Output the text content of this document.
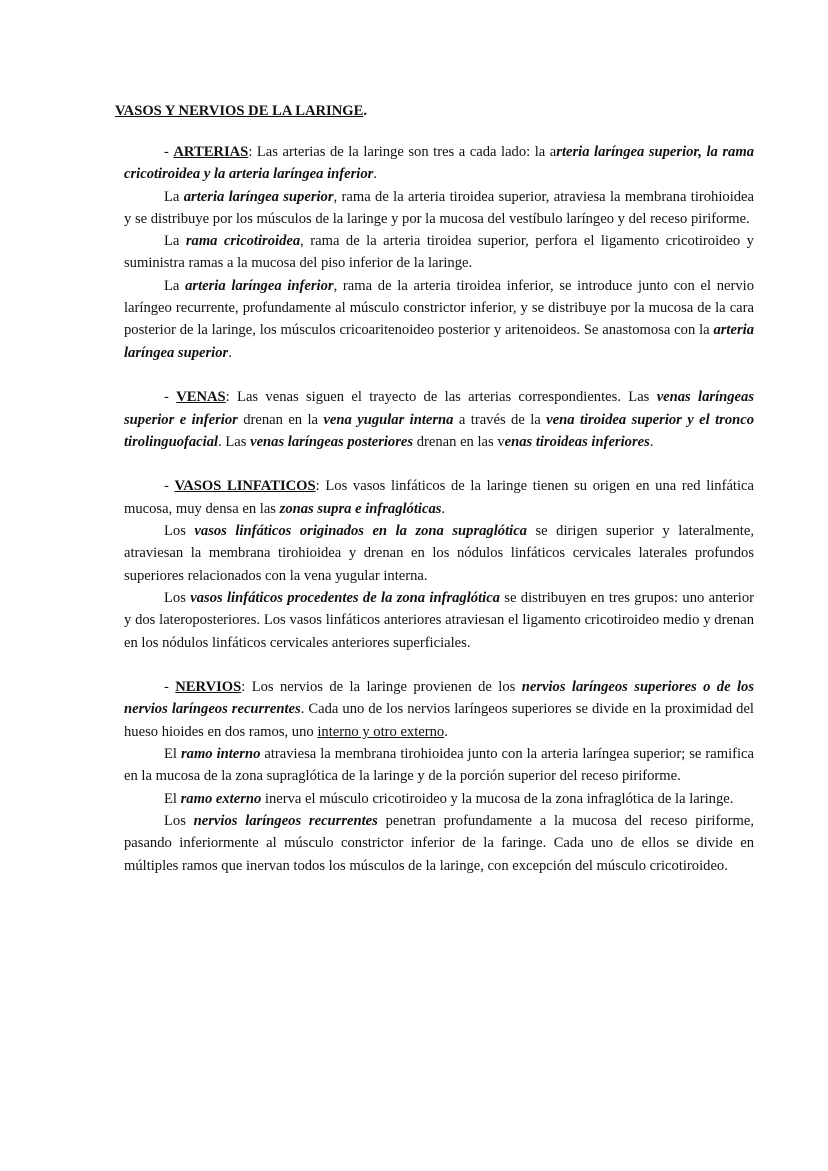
VASOS Y NERVIOS DE LA LARINGE.

- ARTERIAS: Las arterias de la laringe son tres a cada lado: la arteria laríngea superior, la rama cricotiroidea y la arteria laríngea inferior.

La arteria laríngea superior, rama de la arteria tiroidea superior, atraviesa la membrana tirohioidea y se distribuye por los músculos de la laringe y por la mucosa del vestíbulo laríngeo y del receso piriforme.

La rama cricotiroidea, rama de la arteria tiroidea superior, perfora el ligamento cricotiroideo y suministra ramas a la mucosa del piso inferior de la laringe.

La arteria laríngea inferior, rama de la arteria tiroidea inferior, se introduce junto con el nervio laríngeo recurrente, profundamente al músculo constrictor inferior, y se distribuye por la mucosa de la cara posterior de la laringe, los músculos cricoaritenoideo posterior y aritenoideos. Se anastomosa con la arteria laríngea superior.

- VENAS: Las venas siguen el trayecto de las arterias correspondientes. Las venas laríngeas superior e inferior drenan en la vena yugular interna a través de la vena tiroidea superior y el tronco tirolinguofacial. Las venas laríngeas posteriores drenan en las venas tiroideas inferiores.

- VASOS LINFATICOS: Los vasos linfáticos de la laringe tienen su origen en una red linfática mucosa, muy densa en las zonas supra e infraglóticas.

Los vasos linfáticos originados en la zona supraglótica se dirigen superior y lateralmente, atraviesan la membrana tirohioidea y drenan en los nódulos linfáticos cervicales laterales profundos superiores relacionados con la vena yugular interna.

Los vasos linfáticos procedentes de la zona infraglótica se distribuyen en tres grupos: uno anterior y dos lateroposteriores. Los vasos linfáticos anteriores atraviesan el ligamento cricotiroideo medio y drenan en los nódulos linfáticos cervicales anteriores superficiales.

- NERVIOS: Los nervios de la laringe provienen de los nervios laríngeos superiores o de los nervios laríngeos recurrentes. Cada uno de los nervios laríngeos superiores se divide en la proximidad del hueso hioides en dos ramos, uno interno y otro externo.

El ramo interno atraviesa la membrana tirohioidea junto con la arteria laríngea superior; se ramifica en la mucosa de la zona supraglótica de la laringe y de la porción superior del receso piriforme.

El ramo externo inerva el músculo cricotiroideo y la mucosa de la zona infraglótica de la laringe.

Los nervios laríngeos recurrentes penetran profundamente a la mucosa del receso piriforme, pasando inferiormente al músculo constrictor inferior de la faringe. Cada uno de ellos se divide en múltiples ramos que inervan todos los músculos de la laringe, con excepción del músculo cricotiroideo.
